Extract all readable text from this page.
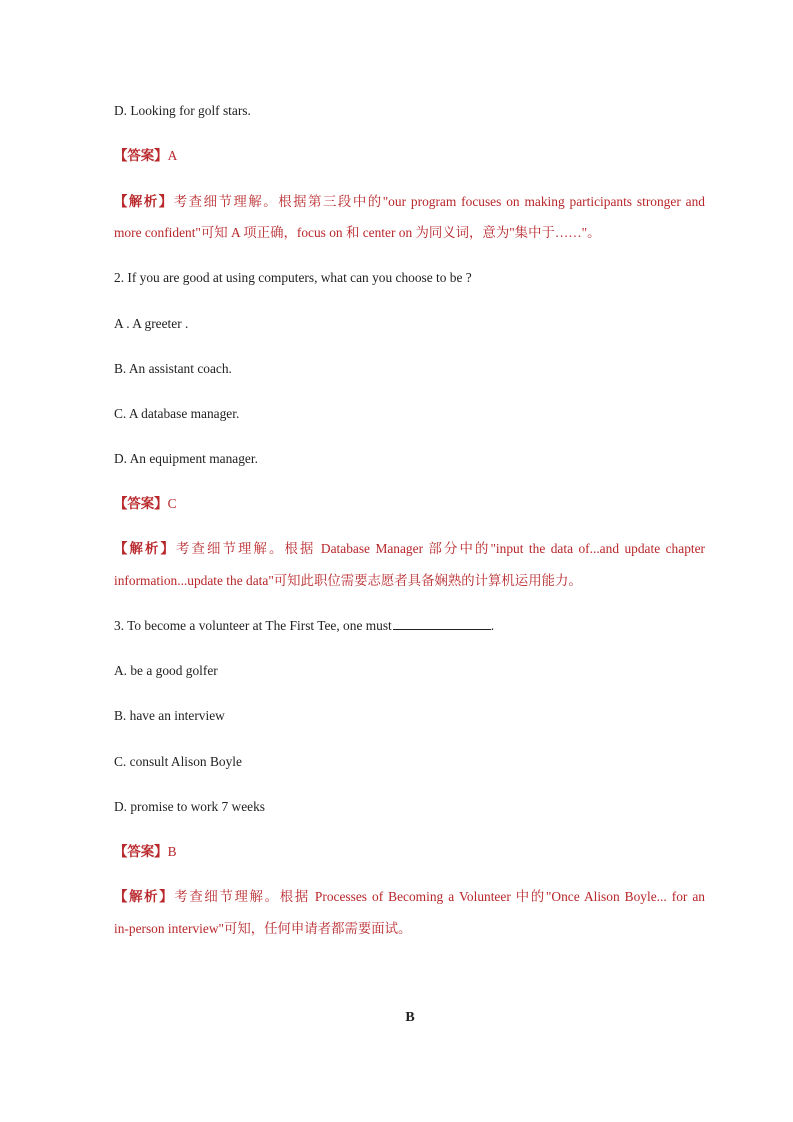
D. Looking for golf stars.
【答案】A
【解析】考查细节理解。根据第三段中的"our program focuses on making participants stronger and
more confident"可知 A 项正确，focus on 和 center on 为同义词，意为"集中于……"。
2. If you are good at using computers, what can you choose to be ?
A . A greeter .
B. An assistant coach.
C. A database manager.
D. An equipment manager.
【答案】C
【解析】考查细节理解。根据 Database Manager 部分中的"input the data of...and update chapter
information...update the data"可知此职位需要志愿者具备娴熟的计算机运用能力。
3. To become a volunteer at The First Tee, one must	.
A. be a good golfer
B. have an interview
C. consult Alison Boyle
D. promise to work 7 weeks
【答案】B
【解析】考查细节理解。根据 Processes of Becoming a Volunteer 中的"Once Alison Boyle... for an
in-person interview"可知，任何申请者都需要面试。
B
